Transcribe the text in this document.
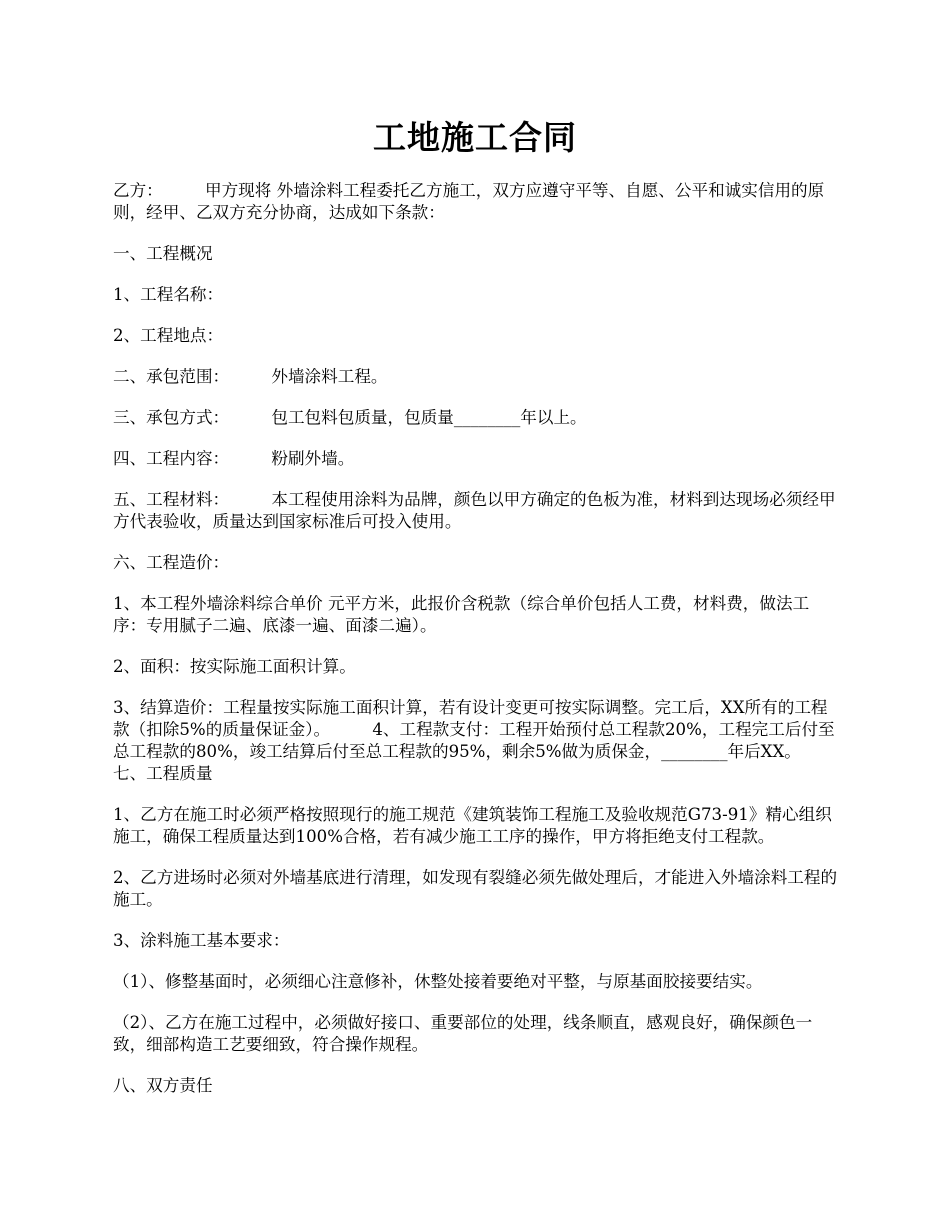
工地施工合同

乙方：        甲方现将 外墙涂料工程委托乙方施工，双方应遵守平等、自愿、公平和诚实信用的原则，经甲、乙双方充分协商，达成如下条款：

一、工程概况

1、工程名称：

2、工程地点：

二、承包范围：        外墙涂料工程。

三、承包方式：        包工包料包质量，包质量________年以上。

四、工程内容：        粉刷外墙。

五、工程材料：        本工程使用涂料为品牌，颜色以甲方确定的色板为准，材料到达现场必须经甲方代表验收，质量达到国家标准后可投入使用。

六、工程造价：

1、本工程外墙涂料综合单价 元平方米，此报价含税款（综合单价包括人工费，材料费，做法工序：专用腻子二遍、底漆一遍、面漆二遍）。

2、面积：按实际施工面积计算。

3、结算造价：工程量按实际施工面积计算，若有设计变更可按实际调整。完工后，XX所有的工程款（扣除5%的质量保证金）。        4、工程款支付：工程开始预付总工程款20%，工程完工后付至总工程款的80%，竣工结算后付至总工程款的95%，剩余5%做为质保金，________年后XX。        七、工程质量

1、乙方在施工时必须严格按照现行的施工规范《建筑装饰工程施工及验收规范G73-91》精心组织施工，确保工程质量达到100%合格，若有减少施工工序的操作，甲方将拒绝支付工程款。

2、乙方进场时必须对外墙基底进行清理，如发现有裂缝必须先做处理后，才能进入外墙涂料工程的施工。

3、涂料施工基本要求：

（1）、修整基面时，必须细心注意修补，休整处接着要绝对平整，与原基面胶接要结实。

（2）、乙方在施工过程中，必须做好接口、重要部位的处理，线条顺直，感观良好，确保颜色一致，细部构造工艺要细致，符合操作规程。

八、双方责任
